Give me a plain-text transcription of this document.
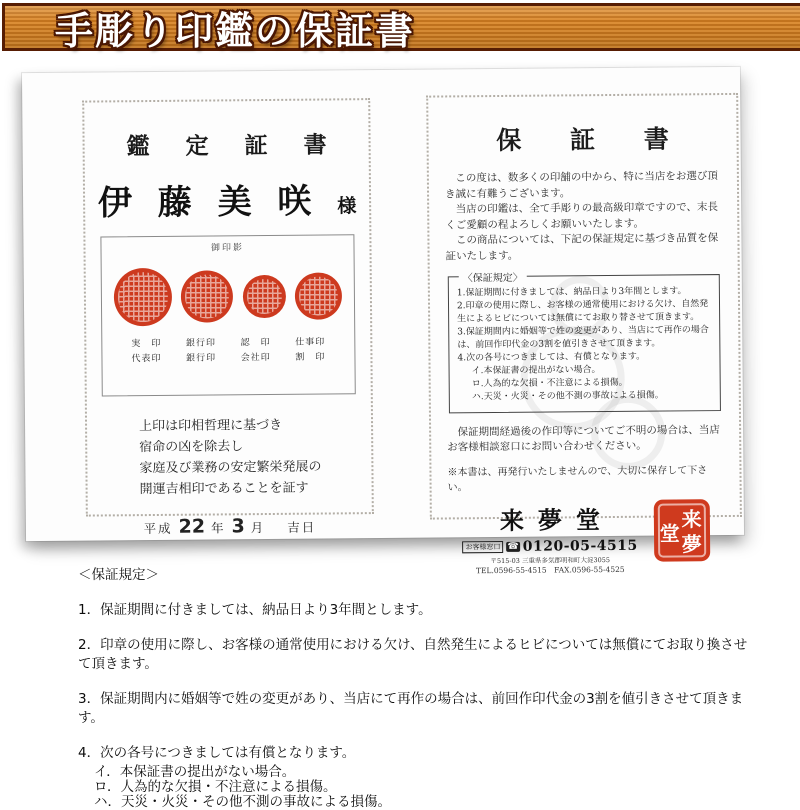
手彫り印鑑の保証書
鑑 定 証 書
伊 藤 美 咲 様
御印影
実　印	銀行印	認　印	仕事印
代表印	銀行印	会社印	割　印
上印は印相哲理に基づき
宿命の凶を除去し
家庭及び業務の安定繁栄発展の
開運吉相印であることを証す
平成 22 年 3 月 吉日
保 証 書

この度は、数多くの印舗の中から、特に当店をお選び頂き誠に有難うございます。

当店の印鑑は、全て手彫りの最高級印章ですので、末長くご愛顧の程よろしくお願いいたします。

この商品については、下記の保証規定に基づき品質を保証いたします。

〈保証規定〉
1.保証期間に付きましては、納品日より3年間とします。
2.印章の使用に際し、お客様の通常使用における欠け、自然発生によるヒビについては無償にてお取り替させて頂きます。
3.保証期間内に婚姻等で姓の変更があり、当店にて再作の場合は、前回作印代金の3割を値引きさせて頂きます。
4.次の各号につきましては、有償となります。
イ.本保証書の提出がない場合。
ロ.人為的な欠損・不注意による損傷。
ハ.天災・火災・その他不測の事故による損傷。
保証期間経過後の作印等についてご不明の場合は、当店お客様相談窓口にお問い合わせください。
※本書は、再発行いたしませんので、大切に保存して下さい。
来夢堂
お客様窓口 ☎ 0120-05-4515
〒515-03 三重県多気郡明和町大淀3055
TEL.0596-55-4515　FAX.0596-55-4525
来
夢
堂
＜保証規定＞
1．保証期間に付きましては、納品日より3年間とします。
2．印章の使用に際し、お客様の通常使用における欠け、自然発生によるヒビについては無償にてお取り換させて頂きます。
3．保証期間内に婚姻等で姓の変更があり、当店にて再作の場合は、前回作印代金の3割を値引きさせて頂きます。
4．次の各号につきましては有償となります。
イ．本保証書の提出がない場合。
ロ．人為的な欠損・不注意による損傷。
ハ．天災・火災・その他不測の事故による損傷。
